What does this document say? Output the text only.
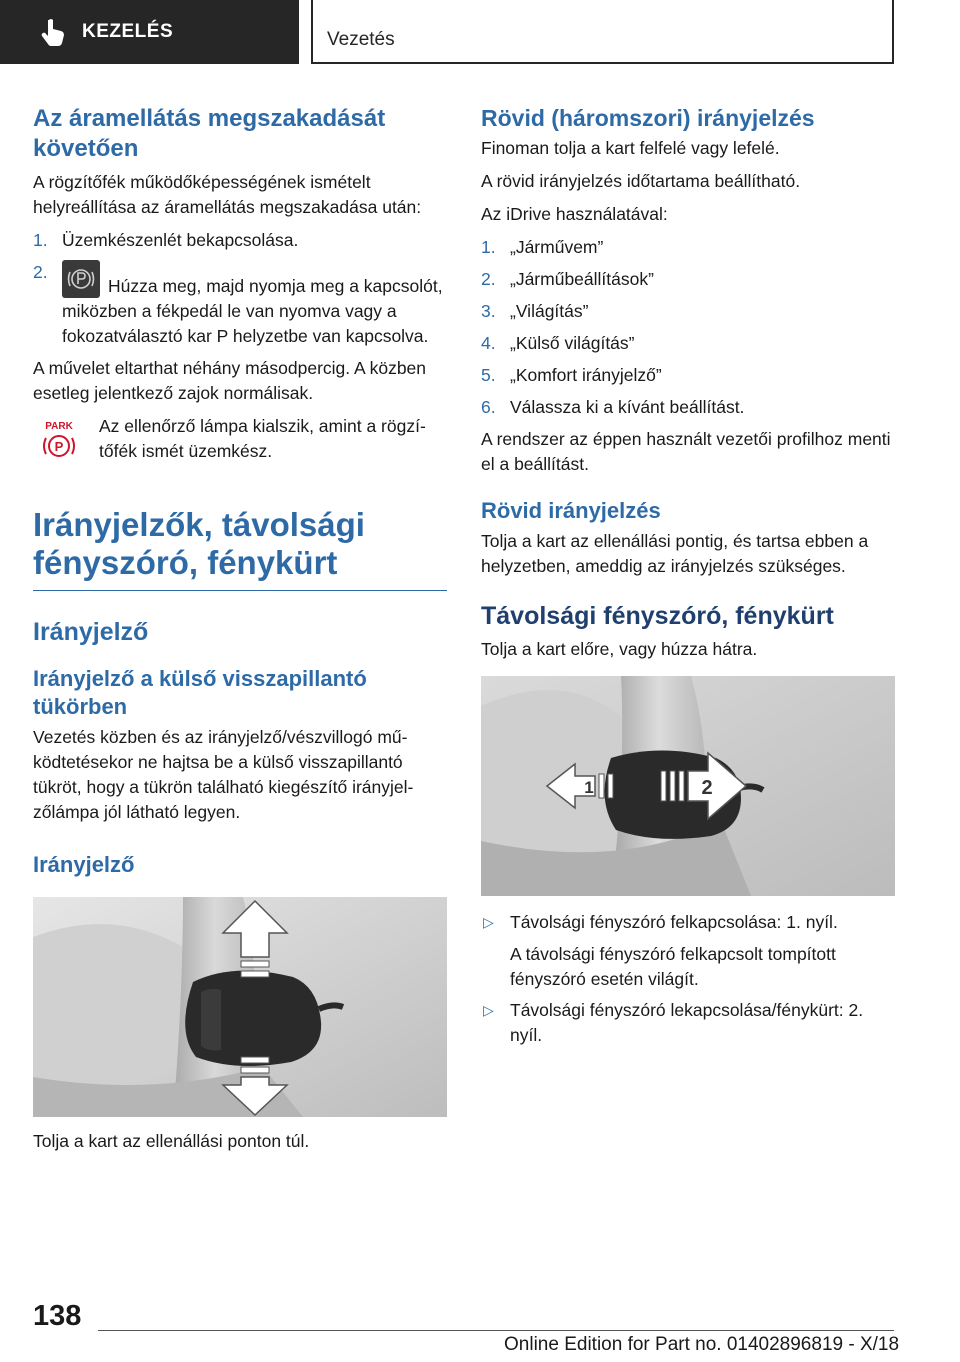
KEZELÉS	Vezetés
Az áramellátás megszakadását követően

A rögzítőfék működőképességének ismételt helyreállítása az áramellátás megszakadása után:

1. Üzemkészenlét bekapcsolása.
2.
Húzza meg, majd nyomja meg a kapcsolót, miközben a fékpedál le van nyomva vagy a fokozatválasztó kar P helyzetbe van kapcsolva.

A művelet eltarthat néhány másodpercig. A közben esetleg jelentkező zajok normálisak.

PARK
P

Az ellenőrző lámpa kialszik, amint a rögzítőfék ismét üzemkész.

Irányjelzők, távolsági fényszóró, fénykürt
Irányjelző
Irányjelző a külső visszapillantó tükörben

Vezetés közben és az irányjelző/vészvillogó működtetésekor ne hajtsa be a külső visszapillantó tükröt, hogy a tükrön található kiegészítő irányjelzőlámpa jól látható legyen.

Irányjelző

Tolja a kart az ellenállási ponton túl.

Rövid (háromszori) irányjelzés

Finoman tolja a kart felfelé vagy lefelé.

A rövid irányjelzés időtartama beállítható.

Az iDrive használatával:

1. „Járművem”
2. „Járműbeállítások”
3. „Világítás”
4. „Külső világítás”
5. „Komfort irányjelző”
6. Válassza ki a kívánt beállítást.

A rendszer az éppen használt vezetői profilhoz menti el a beállítást.

Rövid irányjelzés

Tolja a kart az ellenállási pontig, és tartsa ebben a helyzetben, ameddig az irányjelzés szükséges.

Távolsági fényszóró, fénykürt

Tolja a kart előre, vagy húzza hátra.

1	2
▷ Távolsági fényszóró felkapcsolása: 1. nyíl.
A távolsági fényszóró felkapcsolt tompított fényszóró esetén világít.
▷ Távolsági fényszóró lekapcsolása/fénykürt: 2. nyíl.
138
Online Edition for Part no. 01402896819 - X/18
